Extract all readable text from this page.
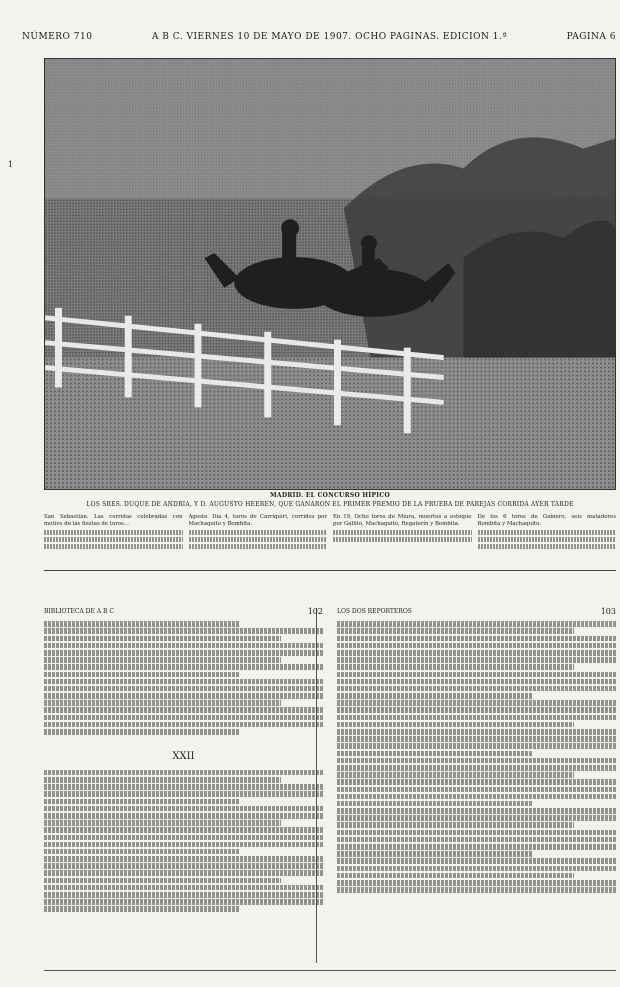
1
NÚMERO 710	A B C. VIERNES 10 DE MAYO DE 1907. OCHO PAGINAS. EDICION 1.ª	PAGINA 6
MADRID. EL CONCURSO HÍPICO
LOS SRES. DUQUE DE ANDRIA, Y D. AUGUSTO HEEREN, QUE GANARON EL PRIMER PREMIO DE LA PRUEBA DE PAREJAS CORRIDA AYER TARDE
San Sebastián. Las corridas celebradas con motivo de las fiestas de toros...
Agosto. Día 4, toros de Carriquiri, corridos por Machaquito y Bombita.
En 19, Ocho toros de Miura, muertos a estoque por Gallito, Machaquito, Regaterín y Bombita.
De los 6 toros de Gamero, seis matadores Bombita y Machaquito.
BIBLIOTECA DE A B C	102
XXII
LOS DOS REPORTEROS	103
